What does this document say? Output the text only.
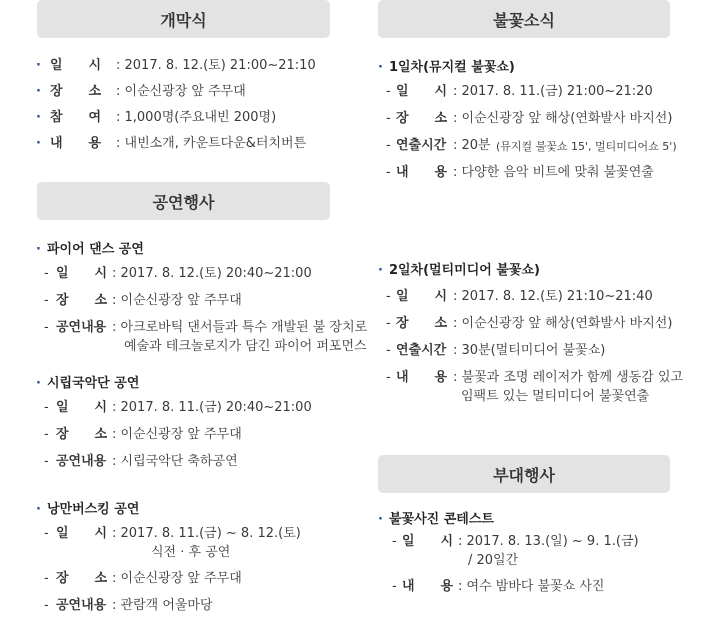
개막식
· 일　　시 : 2017. 8. 12.(토) 21:00~21:10
· 장　　소 : 이순신광장 앞 주무대
· 참　　여 : 1,000명(주요내빈 200명)
· 내　　용 : 내빈소개, 카운트다운&터치버튼
공연행사
· 파이어 댄스 공연
- 일　　시 : 2017. 8. 12.(토) 20:40~21:00
- 장　　소 : 이순신광장 앞 주무대
- 공연내용 : 아크로바틱 댄서들과 특수 개발된 불 장치로
예술과 테크놀로지가 담긴 파이어 퍼포먼스
· 시립국악단 공연
- 일　　시 : 2017. 8. 11.(금) 20:40~21:00
- 장　　소 : 이순신광장 앞 주무대
- 공연내용 : 시립국악단 축하공연
· 낭만버스킹 공연
- 일　　시 : 2017. 8. 11.(금) ~ 8. 12.(토)
식전 · 후 공연
- 장　　소 : 이순신광장 앞 주무대
- 공연내용 : 관람객 어울마당
불꽃소식
· 1일차(뮤지컬 불꽃쇼)
- 일　　시 : 2017. 8. 11.(금) 21:00~21:20
- 장　　소 : 이순신광장 앞 해상(연화발사 바지선)
- 연출시간 : 20분 (뮤지컬 불꽃쇼 15', 멀티미디어쇼 5')
- 내　　용 : 다양한 음악 비트에 맞춰 불꽃연출
· 2일차(멀티미디어 불꽃쇼)
- 일　　시 : 2017. 8. 12.(토) 21:10~21:40
- 장　　소 : 이순신광장 앞 해상(연화발사 바지선)
- 연출시간 : 30분(멀티미디어 불꽃쇼)
- 내　　용 : 불꽃과 조명 레이저가 함께 생동감 있고
임팩트 있는 멀티미디어 불꽃연출
부대행사
· 불꽃사진 콘테스트
- 일　　시 : 2017. 8. 13.(일) ~ 9. 1.(금)
/ 20일간
- 내　　용 : 여수 밤바다 불꽃쇼 사진
